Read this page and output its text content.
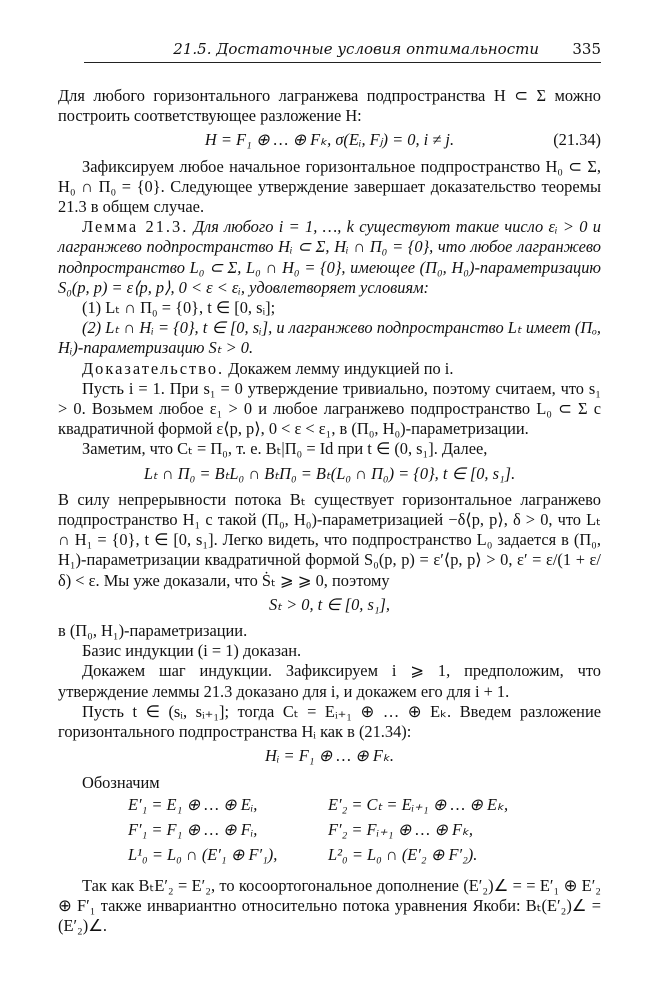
21.5. Достаточные условия оптимальности 335

Для любого горизонтального лагранжева подпространства H ⊂ Σ можно построить соответствующее разложение H:

H = F₁ ⊕ … ⊕ Fₖ, σ(Eᵢ, Fⱼ) = 0, i ≠ j.	(21.34)

Зафиксируем любое начальное горизонтальное подпространство H₀ ⊂ Σ, H₀ ∩ Π₀ = {0}. Следующее утверждение завершает доказательство теоремы 21.3 в общем случае.

Лемма 21.3. Для любого i = 1, …, k существуют такие число εᵢ > 0 и лагранжево подпространство Hᵢ ⊂ Σ, Hᵢ ∩ Π₀ = {0}, что любое лагранжево подпространство L₀ ⊂ Σ, L₀ ∩ H₀ = {0}, имеющее (Π₀, H₀)-параметризацию S₀(p, p) = ε⟨p, p⟩, 0 < ε < εᵢ, удовлетворяет условиям:

(1) Lₜ ∩ Π₀ = {0}, t ∈ [0, sᵢ];

(2) Lₜ ∩ Hᵢ = {0}, t ∈ [0, sᵢ], и лагранжево подпространство Lₜ имеет (Πₒ, Hᵢ)-параметризацию Sₜ > 0.

Доказательство. Докажем лемму индукцией по i.

Пусть i = 1. При s₁ = 0 утверждение тривиально, поэтому считаем, что s₁ > 0. Возьмем любое ε₁ > 0 и любое лагранжево подпространство L₀ ⊂ Σ с квадратичной формой ε⟨p, p⟩, 0 < ε < ε₁, в (Π₀, H₀)-параметризации.

Заметим, что Cₜ = Π₀, т. е. Bₜ|Π₀ = Id при t ∈ (0, s₁]. Далее,

Lₜ ∩ Π₀ = BₜL₀ ∩ BₜΠ₀ = Bₜ(L₀ ∩ Π₀) = {0}, t ∈ [0, s₁].

В силу непрерывности потока Bₜ существует горизонтальное лагранжево подпространство H₁ с такой (Π₀, H₀)-параметризацией −δ⟨p, p⟩, δ > 0, что Lₜ ∩ H₁ = {0}, t ∈ [0, s₁]. Легко видеть, что подпространство L₀ задается в (Π₀, H₁)-параметризации квадратичной формой S₀(p, p) = ε′⟨p, p⟩ > 0, ε′ = ε/(1 + ε/δ) < ε. Мы уже доказали, что Ṡₜ ⩾ ⩾ 0, поэтому

Sₜ > 0, t ∈ [0, s₁],

в (Π₀, H₁)-параметризации.

Базис индукции (i = 1) доказан.

Докажем шаг индукции. Зафиксируем i ⩾ 1, предположим, что утверждение леммы 21.3 доказано для i, и докажем его для i + 1.

Пусть t ∈ (sᵢ, sᵢ₊₁]; тогда Cₜ = Eᵢ₊₁ ⊕ … ⊕ Eₖ. Введем разложение горизонтального подпространства Hᵢ как в (21.34):

Hᵢ = F₁ ⊕ … ⊕ Fₖ.

Обозначим

E′₁ = E₁ ⊕ … ⊕ Eᵢ,	E′₂ = Cₜ = Eᵢ₊₁ ⊕ … ⊕ Eₖ,
F′₁ = F₁ ⊕ … ⊕ Fᵢ,	F′₂ = Fᵢ₊₁ ⊕ … ⊕ Fₖ,
L¹₀ = L₀ ∩ (E′₁ ⊕ F′₁),	L²₀ = L₀ ∩ (E′₂ ⊕ F′₂).

Так как BₜE′₂ = E′₂, то косоортогональное дополнение (E′₂)∠ = = E′₁ ⊕ E′₂ ⊕ F′₁ также инвариантно относительно потока уравнения Якоби: Bₜ(E′₂)∠ = (E′₂)∠.
